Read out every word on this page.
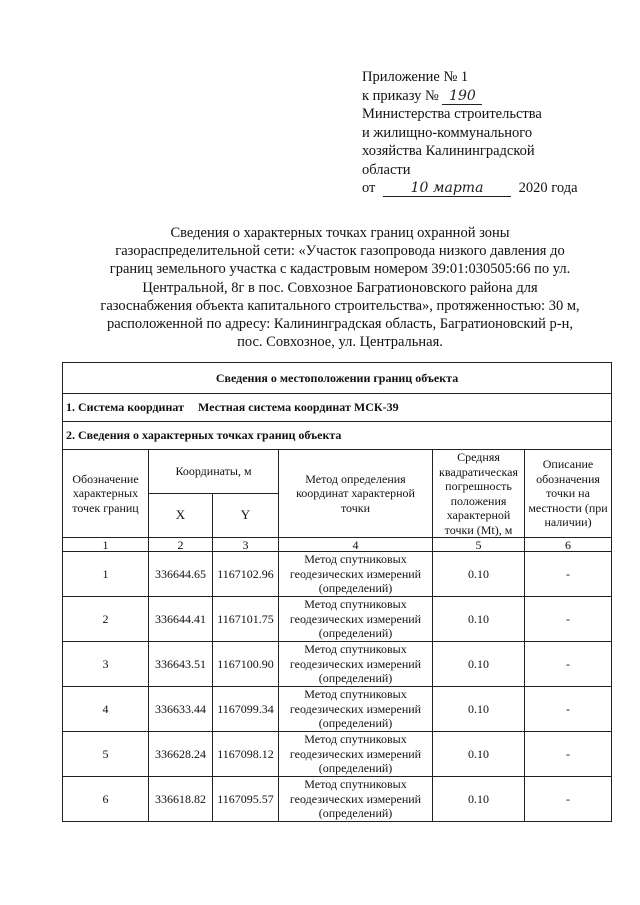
Приложение № 1
к приказу № 190
Министерства строительства
и жилищно-коммунального
хозяйства Калининградской
области
от	10 марта 2020 года
Сведения о характерных точках границ охранной зоны
газораспределительной сети: «Участок газопровода низкого давления до
границ земельного участка с кадастровым номером 39:01:030505:66 по ул.
Центральной, 8г в пос. Совхозное Багратионовского района для
газоснабжения объекта капитального строительства», протяженностью: 30 м,
расположенной по адресу: Калининградская область, Багратионовский р-н,
пос. Совхозное, ул. Центральная.
Сведения о местоположении границ объекта					
1. Система координат Местная система координат МСК-39					
2. Сведения о характерных точках границ объекта					
Обозначение характерных точек границ	Координаты, м		Метод определения координат характерной точки	Средняя квадратическая погрешность положения характерной точки (Mt), м	Описание обозначения точки на местности (при наличии)
	X	Y			
1	2	3	4	5	6
1	336644.65	1167102.96	Метод спутниковых геодезических измерений (определений)	0.10	-
2	336644.41	1167101.75	Метод спутниковых геодезических измерений (определений)	0.10	-
3	336643.51	1167100.90	Метод спутниковых геодезических измерений (определений)	0.10	-
4	336633.44	1167099.34	Метод спутниковых геодезических измерений (определений)	0.10	-
5	336628.24	1167098.12	Метод спутниковых геодезических измерений (определений)	0.10	-
6	336618.82	1167095.57	Метод спутниковых геодезических измерений (определений)	0.10	-
